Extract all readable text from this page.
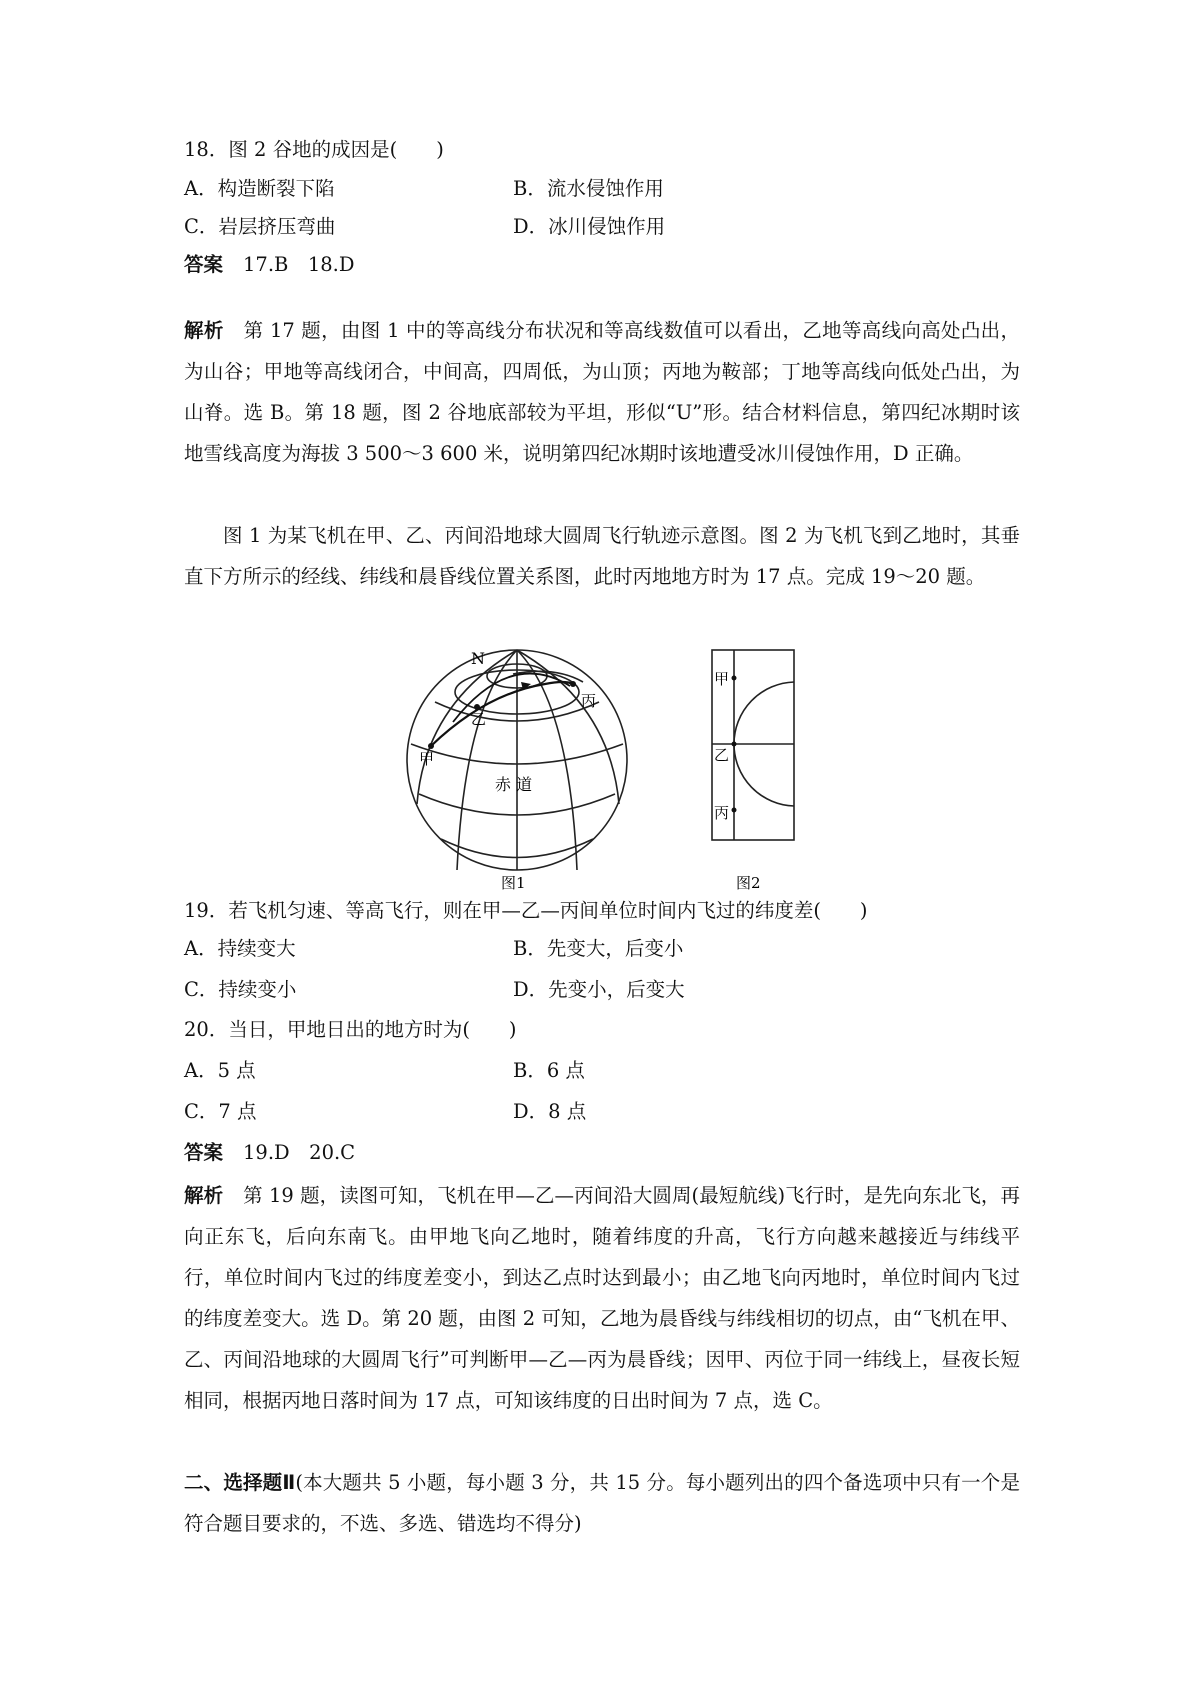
18．图 2 谷地的成因是(　　)
A．构造断裂下陷	B．流水侵蚀作用
C．岩层挤压弯曲	D．冰川侵蚀作用
答案 17.B　18.D
解析 第 17 题，由图 1 中的等高线分布状况和等高线数值可以看出，乙地等高线向高处凸出，为山谷；甲地等高线闭合，中间高，四周低，为山顶；丙地为鞍部；丁地等高线向低处凸出，为山脊。选 B。第 18 题，图 2 谷地底部较为平坦，形似“U”形。结合材料信息，第四纪冰期时该地雪线高度为海拔 3 500～3 600 米，说明第四纪冰期时该地遭受冰川侵蚀作用，D 正确。
图 1 为某飞机在甲、乙、丙间沿地球大圆周飞行轨迹示意图。图 2 为飞机飞到乙地时，其垂直下方所示的经线、纬线和晨昏线位置关系图，此时丙地地方时为 17 点。完成 19～20 题。
N
乙
甲
丙
赤 道
图1
甲
乙
丙
图2
19．若飞机匀速、等高飞行，则在甲—乙—丙间单位时间内飞过的纬度差(　　)
A．持续变大	B．先变大，后变小
C．持续变小	D．先变小，后变大
20．当日，甲地日出的地方时为(　　)
A．5 点	B．6 点
C．7 点	D．8 点
答案 19.D　20.C
解析 第 19 题，读图可知，飞机在甲—乙—丙间沿大圆周(最短航线)飞行时，是先向东北飞，再向正东飞，后向东南飞。由甲地飞向乙地时，随着纬度的升高，飞行方向越来越接近与纬线平行，单位时间内飞过的纬度差变小，到达乙点时达到最小；由乙地飞向丙地时，单位时间内飞过的纬度差变大。选 D。第 20 题，由图 2 可知，乙地为晨昏线与纬线相切的切点，由“飞机在甲、乙、丙间沿地球的大圆周飞行”可判断甲—乙—丙为晨昏线；因甲、丙位于同一纬线上，昼夜长短相同，根据丙地日落时间为 17 点，可知该纬度的日出时间为 7 点，选 C。
二、选择题Ⅱ(本大题共 5 小题，每小题 3 分，共 15 分。每小题列出的四个备选项中只有一个是符合题目要求的，不选、多选、错选均不得分)
